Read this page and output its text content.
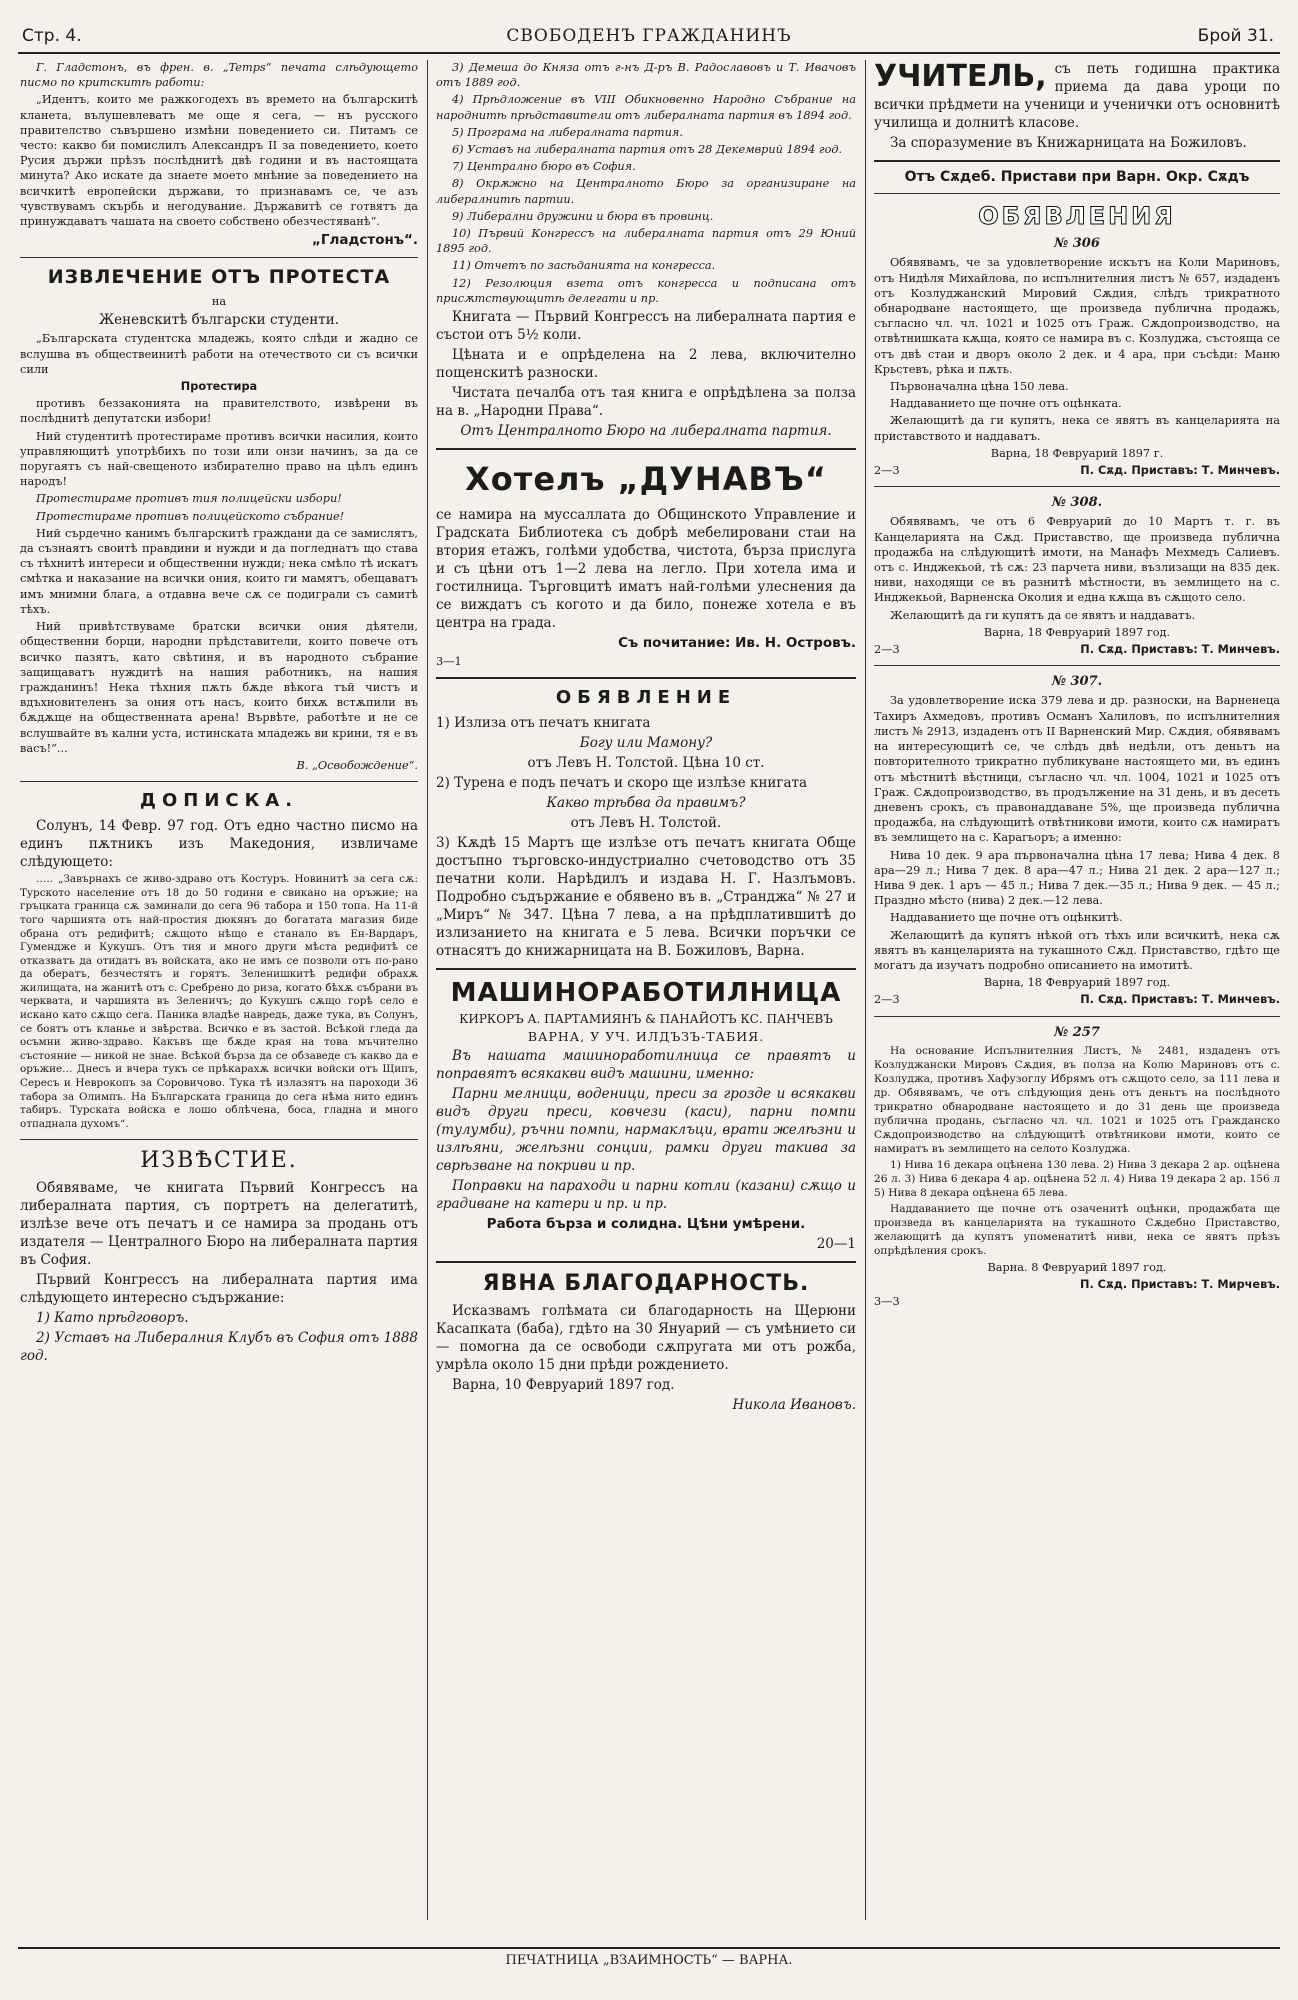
Стр. 4.	СВОБОДЕНЪ ГРАЖДАНИНЪ	Брой 31.

Г. Гладстонъ, въ френ. в. „Temps“ печата слѣдующето писмо по критскитѣ работи:

„Идентъ, които ме ражкогодехъ въ времето на българскитѣ кланета, вълушевлеватъ ме още я сега, — нъ русского правителство съвършено измѣни поведението си. Питамъ се често: какво би помислилъ Александръ II за поведението, което Русия държи прѣзъ послѣднитѣ двѣ години и въ настоящата минута? Ако искате да знаете моето мнѣние за поведението на всичкитѣ европейски държави, то признавамъ се, че азъ чувствувамъ скърбь и негодувание. Държавитѣ се готвятъ да принуждаватъ чашата на своето собствено обезчестяванѣ“.

„Гладстонъ“.

ИЗВЛЕЧЕНИЕ ОТЪ ПРОТЕСТА

на

Женевскитѣ български студенти.

„Българската студентска младежь, която слѣди и жадно се вслушва въ обществеинитѣ работи на отечеството си съ всички сили

Протестира

противъ беззаконията на правителството, извѣрени въ послѣднитѣ депутатски избори!

Ний студентитѣ протестираме противъ всички насилия, които управляющитѣ употрѣбихъ по този или онзи начинъ, за да се поругаятъ съ най-свещеното избирателно право на цѣлъ единъ народъ!

Протестираме противъ тия полицейски избори!

Протестираме противъ полицейското събрание!

Ний сърдечно канимъ българскитѣ граждани да се замислятъ, да съзнаятъ своитѣ правдини и нужди и да погледнатъ що става съ тѣхнитѣ интереси и общественни нужди; нека смѣло тѣ искатъ смѣтка и наказание на всички ония, които ги мамятъ, обещаватъ имъ мнимни блага, а отдавна вече сѫ се подиграли съ самитѣ тѣхъ.

Ний привѣтствуваме братски всички ония дѣятели, общественни борци, народни прѣдставители, които повече отъ всичко пазятъ, като свѣтиня, и въ народното събрание защищаватъ нуждитѣ на нашия работникъ, на нашия гражданинъ! Нека тѣхния пѫть бѫде вѣкогa тъй чистъ и вдъхновителенъ за ония отъ насъ, които бихѫ встѫпили въ бѫдѫще на общественната арена! Вървѣте, работѣте и не се вслушвайте въ кални уста, истинската младежь ви крини, тя е въ васъ!“...

В. „Освобождение“.

ДОПИСКА.

Солунъ, 14 Февр. 97 год. Отъ едно частно писмо на единъ пѫтникъ изъ Македония, извличаме слѣдующето:

….. „Завърнахъ се живо-здраво отъ Костуръ. Новинитѣ за сега сѫ: Турското население отъ 18 до 50 години е свикано на оръжие; на гръцката граница сѫ заминали до сега 96 табора и 150 топа. На 11-й того чаршията отъ най-простия дюкянъ до богатата магазия биде обрана отъ редифитѣ; сѫщото нѣщо е станало въ Ен-Вардаръ, Гумендже и Кукушъ. Отъ тия и много други мѣста редифитѣ се отказватъ да отидатъ въ войската, ако не имъ се позволи отъ по-рано да обератъ, безчестятъ и горятъ. Зеленишкитѣ редифи обрахѫ жилищата, на жанитѣ отъ с. Сребрено до риза, когато бѣхѫ събрани въ черквата, и чаршията въ Зеленичъ; до Кукушъ сѫщо горѣ село е искано като сѫщо сега. Паника владѣе навредь, даже тука, въ Солунъ, се боятъ отъ кланье и звѣрства. Всичко е въ застой. Всѣкой гледа да осъмни живо-здраво. Какъвъ ще бѫде края на това мъчително състояние — никой не знае. Всѣкой бърза да се обзаведе съ какво да е оръжие… Днесъ и вчера тукъ се прѣкарахѫ всички войски отъ Щипъ, Сересъ и Неврокопъ за Соровичово. Тука тѣ излазятъ на пароходи 36 табора за Олимпъ. На Българската граница до сега нѣма нито единъ табиръ. Турската войска е лошо облѣчена, боса, гладна и много отпаднала духомъ“.

ИЗВѢСТИЕ.

Обявяваме, че книгата Първий Конгрессъ на либералната партия, съ портретъ на делегатитѣ, излѣзе вече отъ печатъ и се намира за продань отъ издателя — Централного Бюро на либералната партия въ София.

Първий Конгрессъ на либералната партия има слѣдующето интересно съдържание:

1) Като прѣдговоръ.

2) Уставъ на Либералния Клубъ въ София отъ 1888 год.

3) Демеша до Княза отъ г-нъ Д-ръ В. Радославовъ и Т. Ивачовъ отъ 1889 год.

4) Прѣдложение въ VIII Обикновенно Народно Събрание на народнитѣ прѣдставители отъ либералната партия въ 1894 год.

5) Програма на либералната партия.

6) Уставъ на либералната партия отъ 28 Декемврий 1894 год.

7) Централно бюро въ София.

8) Окрѫжно на Централното Бюро за организиране на либералнитѣ партии.

9) Либерални дружини и бюра въ провинц.

10) Първий Конгрессъ на либералната партия отъ 29 Юний 1895 год.

11) Отчетъ по засѣданията на конгресса.

12) Резолюция взета отъ конгресса и подписана отъ присѫтствующитѣ делегати и пр.

Книгата — Първий Конгрессъ на либералната партия е състои отъ 5½ коли.

Цѣната и е опрѣделена на 2 лева, включително пощенскитѣ разноски.

Чистата печалба отъ тая книга е опрѣдѣлена за полза на в. „Народни Права“.

Отъ Централното Бюро на либералната партия.

Хотелъ „ДУНАВЪ“

се намира на мусcаллата до Общинското Управление и Градската Библиотека съ добрѣ мебелировани стаи на втория етажъ, голѣми удобства, чистота, бърза прислуга и съ цѣни отъ 1—2 лева на легло. При хотела има и гостилница. Търговцитѣ иматъ най-голѣми улеснения да се виждатъ съ когото и да било, понеже хотела е въ центра на града.

Съ почитание: Ив. Н. Островъ.

3—1

ОБЯВЛЕНИЕ

1) Излиза отъ печатъ книгата

Богу или Мамону?

отъ Левъ Н. Толстой. Цѣна 10 ст.

2) Турена е подъ печатъ и скоро ще излѣзе книгата

Какво трѣбва да правимъ?

отъ Левъ Н. Толстой.

3) Кѫдѣ 15 Мартъ ще излѣзе отъ печатъ книгата Обще достъпно търговско-индустриално счетоводство отъ 35 печатни коли. Нарѣдилъ и издава Н. Г. Назлъмовъ. Подробно съдържание е обявено въ в. „Странджа“ № 27 и „Миръ“ № 347. Цѣна 7 лева, а на прѣдплатившитѣ до излизанието на книгата е 5 лева. Всички поръчки се отнасятъ до книжарницата на В. Божиловъ, Варна.

МАШИНОРАБОТИЛНИЦА

КИРКОРЪ А. ПАРТАМИЯНЪ & ПАНАЙОТЪ КС. ПАНЧЕВЪ

ВАРНА, У УЧ. ИЛДЪЗЪ-ТАБИЯ.

Въ нашата машиноработилница се правятъ и поправятъ всякакви видъ машини, именно:

Парни мелници, воденици, преси за грозде и всякакви видъ други преси, ковчези (каси), парни помпи (тулумби), ръчни помпи, нармаклъци, врати желѣзни и излѣяни, желѣзни сонции, рамки други такива за сврѣзване на покриви и пр.

Поправки на параходи и парни котли (казани) сѫщо и градиване на катери и пр. и пр.

Работа бърза и солидна. Цѣни умѣрени.

20—1

ЯВНА БЛАГОДАРНОСТЬ.

Исказвамъ голѣмата си благодарность на Щерюни Касапката (баба), гдѣто на 30 Януарий — съ умѣнието си — помогна да се освободи сѫпругата ми отъ рожба, умрѣла около 15 дни прѣди рождението.

Варна, 10 Февруарий 1897 год.

Никола Ивановъ.

УЧИТЕЛЬ, съ петь годишна практика приема да дава уроци по всички прѣдмети на ученици и ученички отъ основнитѣ училища и долнитѣ класове.

За споразумение въ Книжарницата на Божиловъ.

Отъ Сѫдеб. Пристави при Варн. Окр. Сѫдъ

ОБЯВЛЕНИЯ

№ 306

Обявявамъ, че за удовлетворение искътъ на Коли Мариновъ, отъ Нидѣля Михайлова, по испълнителния листъ № 657, издаденъ отъ Козлуджанский Мировий Сѫдия, слѣдъ трикратното обнародване настоящето, ще произведа публична продажь, съгласно чл. чл. 1021 и 1025 отъ Граж. Сѫдопроизводство, на отвѣтнишката кѫща, която се намира въ с. Козлуджа, състояща се отъ двѣ стаи и дворъ около 2 дек. и 4 ара, при съсѣди: Маню Крьстевъ, рѣка и пѫть.

Първоначална цѣна 150 лева.

Наддаванието ще почне отъ оцѣнката.

Желающитѣ да ги купятъ, нека се явятъ въ канцеларията на приставството и наддаватъ.

Варна, 18 Февруарий 1897 г.

2—3	П. Сѫд. Приставъ: Т. Минчевъ.

№ 308.

Обявявамъ, че отъ 6 Февруарий до 10 Мартъ т. г. въ Канцеларията на Сѫд. Приставство, ще произведа публична продажба на слѣдующитѣ имоти, на Манафъ Мехмедъ Салиевъ. отъ с. Инджекьой, тѣ сѫ: 23 парчета ниви, възлизащи на 835 дек. ниви, находящи се въ разнитѣ мѣстности, въ землището на с. Инджекьой, Варненска Околия и една кѫща въ сѫщото село.

Желающитѣ да ги купятъ да се явятъ и наддаватъ.

Варна, 18 Февруарий 1897 год.

2—3	П. Сѫд. Приставъ: Т. Минчевъ.

№ 307.

За удовлетворение иска 379 лева и др. разноски, на Варненеца Тахиръ Ахмедовъ, противъ Османъ Халиловъ, по испълнителния листъ № 2913, издаденъ отъ II Варненский Мир. Сѫдия, обявявамъ на интересующитѣ се, че слѣдъ двѣ недѣли, отъ деньтъ на повторителното трикратно публикуване настоящето ми, въ единъ отъ мѣстнитѣ вѣстници, съгласно чл. чл. 1004, 1021 и 1025 отъ Граж. Сѫдопроизводство, въ продължение на 31 день, и въ десеть дневенъ срокъ, съ правонаддаване 5%, ще произведа публична продажба, на слѣдующитѣ отвѣтникови имоти, които сѫ намиратъ въ землището на с. Карагьоръ; а именно:

Нива 10 дек. 9 ара първоначална цѣна 17 лева; Нива 4 дек. 8 ара—29 л.; Нива 7 дек. 8 ара—47 л.; Нива 21 дек. 2 ара—127 л.; Нива 9 дек. 1 аръ — 45 л.; Нива 7 дек.—35 л.; Нива 9 дек. — 45 л.; Праздно мѣсто (нива) 2 дек.—12 лева.

Наддаванието ще почне отъ оцѣнкитѣ.

Желающитѣ да купятъ нѣкой отъ тѣхъ или всичкитѣ, нека сѫ явятъ въ канцеларията на тукашното Сѫд. Приставство, гдѣто ще могатъ да изучатъ подробно описанието на имотитѣ.

Варна, 18 Февруарий 1897 год.

2—3	П. Сѫд. Приставъ: Т. Минчевъ.

№ 257

На основание Испълнителния Листъ, № 2481, издаденъ отъ Козлуджански Мировъ Сѫдия, въ полза на Колю Мариновъ отъ с. Козлуджа, противъ Хафузоглу Ибрямъ отъ сѫщото село, за 111 лева и др. Обявявамъ, че отъ слѣдующия день отъ деньтъ на послѣдното трикратно обнародване настоящето и до 31 день ще произведа публична продань, съгласно чл. чл. 1021 и 1025 отъ Гражданско Сѫдопроизводство на слѣдующитѣ отвѣтникови имоти, които се намиратъ въ землището на селото Козлуджа.

1) Нива 16 декара оцѣнена 130 лева. 2) Нива 3 декара 2 ар. оцѣнена 26 л. 3) Нива 6 декара 4 ар. оцѣнена 52 л. 4) Нива 19 декара 2 ар. 156 л 5) Нива 8 декара оцѣнена 65 лева.

Наддаванието ще почне отъ озаченитѣ оцѣнки, продажбата ще произведа въ канцеларията на тукашното Сѫдебно Приставство, желающитѣ да купятъ упоменатитѣ ниви, нека се явятъ прѣзъ опрѣдѣления срокъ.

Варна. 8 Февруарий 1897 год.

П. Сѫд. Приставъ: Т. Мирчевъ.

3—3

ПЕЧАТНИЦА „ВЗАИМНОСТЬ“ — ВАРНА.
